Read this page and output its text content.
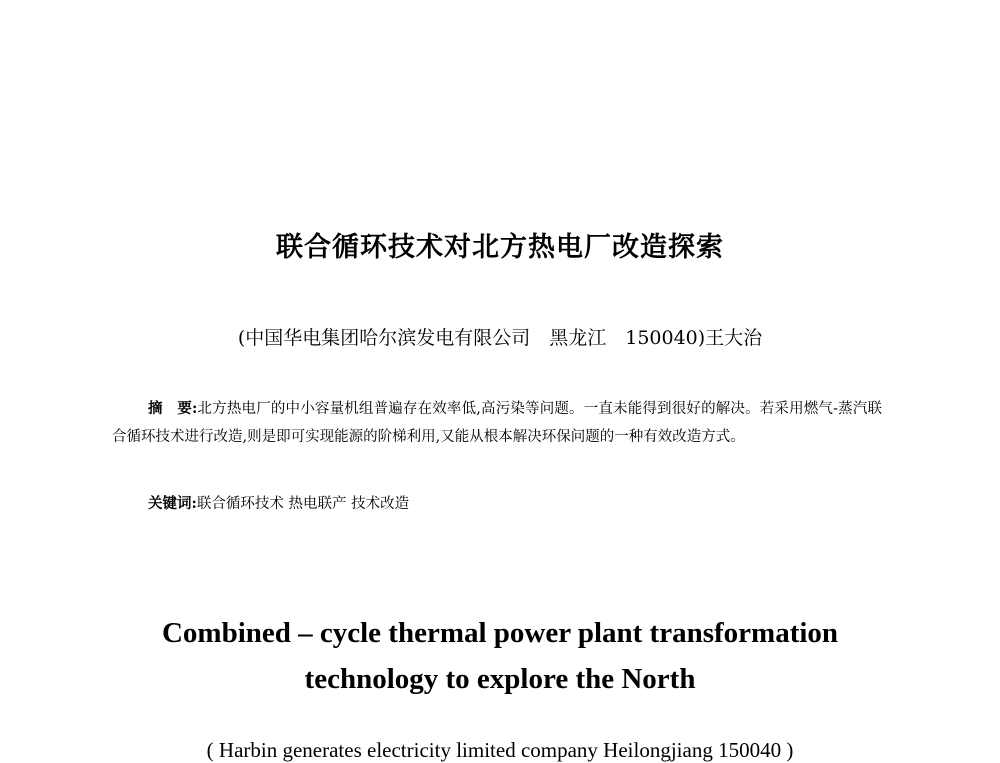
联合循环技术对北方热电厂改造探索
(中国华电集团哈尔滨发电有限公司　黑龙江　150040)王大治
摘　要:北方热电厂的中小容量机组普遍存在效率低,高污染等问题。一直未能得到很好的解决。若采用燃气-蒸汽联合循环技术进行改造,则是即可实现能源的阶梯利用,又能从根本解决环保问题的一种有效改造方式。
关键词:联合循环技术 热电联产 技术改造
Combined – cycle thermal power plant transformation
technology to explore the North
( Harbin generates electricity limited company Heilongjiang 150040 )
